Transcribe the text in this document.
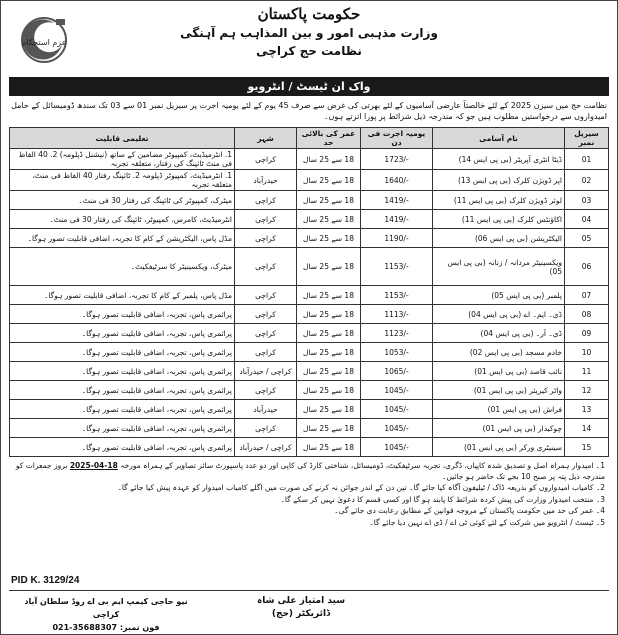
عزم استحکام
حکومت پاکستان
وزارت مذہبی امور و بین المذاہب ہم آہنگی
نظامت حج کراچی
واک ان ٹیسٹ / انٹرویو
نظامت حج میں سیزن 2025 کے لئے خالصتاً عارضی آسامیوں کے لئے بھرتی کی غرض سے صرف 45 یوم کے لئے یومیہ اجرت پر سیریل نمبر 01 سے 03 تک سندھ ڈومیسائل کے حامل امیدواروں سے درخواستیں مطلوب ہیں جو کہ مندرجہ ذیل شرائط پر پورا اترتے ہوں۔
سیریل نمبر	نام آسامی	یومیہ اجرت فی دن	عمر کی بالائی حد	شہر	تعلیمی قابلیت
01	ڈیٹا انٹری آپریٹر (بی پی ایس 14)	1723/-	18 سے 25 سال	کراچی	1. انٹرمیڈیٹ، کمپیوٹر مضامین کے ساتھ (نیشنل ڈپلومہ) 2. 40 الفاظ فی منٹ ٹائپنگ کی رفتار، متعلقہ تجربہ
02	اپر ڈویژن کلرک (بی پی ایس 13)	1640/-	18 سے 25 سال	حیدرآباد	1. انٹرمیڈیٹ، کمپیوٹر ڈپلومہ 2. ٹائپنگ رفتار 40 الفاظ فی منٹ، متعلقہ تجربہ
03	لوئر ڈویژن کلرک (بی پی ایس 11)	1419/-	18 سے 25 سال	کراچی	میٹرک، کمپیوٹر کی ٹائپنگ کی رفتار 30 فی منٹ۔
04	اکاؤنٹس کلرک (بی پی ایس 11)	1419/-	18 سے 25 سال	کراچی	انٹرمیڈیٹ، کامرس، کمپیوٹر، ٹائپنگ کی رفتار 30 فی منٹ۔
05	الیکٹریشن (بی پی ایس 06)	1190/-	18 سے 25 سال	کراچی	مڈل پاس، الیکٹریشن کے کام کا تجربہ، اضافی قابلیت تصور ہوگا۔
06	ویکسینیٹر مردانہ / زنانہ (بی پی ایس 05)	1153/-	18 سے 25 سال	کراچی	میٹرک، ویکسینیٹر کا سرٹیفکیٹ۔
07	پلمبر (بی پی ایس 05)	1153/-	18 سے 25 سال	کراچی	مڈل پاس، پلمبر کے کام کا تجربہ، اضافی قابلیت تصور ہوگا۔
08	ڈی۔ ایم۔ اے (بی پی ایس 04)	1113/-	18 سے 25 سال	کراچی	پرائمری پاس، تجربہ، اضافی قابلیت تصور ہوگا۔
09	ڈی۔ آر۔ (بی پی ایس 04)	1123/-	18 سے 25 سال	کراچی	پرائمری پاس، تجربہ، اضافی قابلیت تصور ہوگا۔
10	خادم مسجد (بی پی ایس 02)	1053/-	18 سے 25 سال	کراچی	پرائمری پاس، تجربہ، اضافی قابلیت تصور ہوگا۔
11	نائب قاصد (بی پی ایس 01)	1065/-	18 سے 25 سال	کراچی / حیدرآباد	پرائمری پاس، تجربہ، اضافی قابلیت تصور ہوگا۔
12	واٹر کیریئر (بی پی ایس 01)	1045/-	18 سے 25 سال	کراچی	پرائمری پاس، تجربہ، اضافی قابلیت تصور ہوگا۔
13	فراش (بی پی ایس 01)	1045/-	18 سے 25 سال	حیدرآباد	پرائمری پاس، تجربہ، اضافی قابلیت تصور ہوگا۔
14	چوکیدار (بی پی ایس 01)	1045/-	18 سے 25 سال	کراچی	پرائمری پاس، تجربہ، اضافی قابلیت تصور ہوگا۔
15	سینیٹری ورکر (بی پی ایس 01)	1045/-	18 سے 25 سال	کراچی / حیدرآباد	پرائمری پاس، تجربہ، اضافی قابلیت تصور ہوگا۔
1۔ امیدوار ہمراہ اصل و تصدیق شدہ کاپیاں، ڈگری، تجربہ سرٹیفکیٹ، ڈومیسائل، شناختی کارڈ کی کاپی اور دو عدد پاسپورٹ سائز تصاویر کے ہمراہ مورخہ 18-04-2025 بروز جمعرات کو مندرجہ ذیل پتہ پر صبح 10 بجے تک حاضر ہو جائیں۔
2۔ کامیاب امیدواروں کو بذریعہ ڈاک / ٹیلیفون آگاہ کیا جائے گا۔ تین دن کے اندر جوائن نہ کرنے کی صورت میں اگلے کامیاب امیدوار کو عہدہ پیش کیا جائے گا۔
3۔ منتخب امیدوار وزارت کی پیش کردہ شرائط کا پابند ہو گا اور کسی قسم کا دعویٰ نہیں کر سکے گا۔
4۔ عمر کی حد میں حکومت پاکستان کے مروجہ قوانین کے مطابق رعایت دی جائے گی۔
5۔ ٹیسٹ / انٹرویو میں شرکت کے لئے کوئی ٹی اے / ڈی اے نہیں دیا جائے گا۔
PID K. 3129/24
سید امتیاز علی شاہ
ڈائریکٹر (حج)
نیو حاجی کیمپ ایم بی اے روڈ سلطان آباد کراچی
فون نمبر: 021-35688307
